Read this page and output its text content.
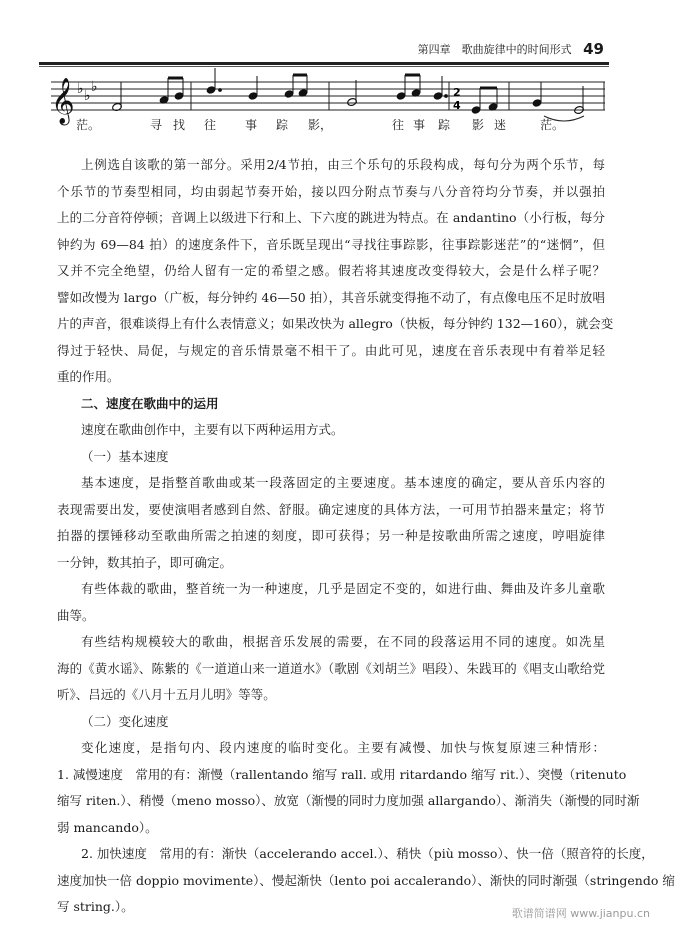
第四章　歌曲旋律中的时间形式 49
𝄞 ♭ ♭
♭	2
4
茫。	寻 找 往 事 踪 影，	往 事 踪 影 迷	茫。
上例选自该歌的第一部分。采用2/4节拍，由三个乐句的乐段构成，每句分为两个乐节，每
个乐节的节奏型相同，均由弱起节奏开始，接以四分附点节奏与八分音符均分节奏，并以强拍
上的二分音符停顿；音调上以级进下行和上、下六度的跳进为特点。在 andantino（小行板，每分
钟约为 69—84 拍）的速度条件下，音乐既呈现出“寻找往事踪影，往事踪影迷茫”的“迷惘”，但
又并不完全绝望，仍给人留有一定的希望之感。假若将其速度改变得较大，会是什么样子呢？
譬如改慢为 largo（广板，每分钟约 46—50 拍），其音乐就变得拖不动了，有点像电压不足时放唱
片的声音，很难谈得上有什么表情意义；如果改快为 allegro（快板，每分钟约 132—160），就会变
得过于轻快、局促，与规定的音乐情景毫不相干了。由此可见，速度在音乐表现中有着举足轻
重的作用。
二、速度在歌曲中的运用
速度在歌曲创作中，主要有以下两种运用方式。
（一）基本速度
基本速度，是指整首歌曲或某一段落固定的主要速度。基本速度的确定，要从音乐内容的
表现需要出发，要使演唱者感到自然、舒服。确定速度的具体方法，一可用节拍器来量定；将节
拍器的摆锤移动至歌曲所需之拍速的刻度，即可获得；另一种是按歌曲所需之速度，哼唱旋律
一分钟，数其拍子，即可确定。
有些体裁的歌曲，整首统一为一种速度，几乎是固定不变的，如进行曲、舞曲及许多儿童歌
曲等。
有些结构规模较大的歌曲，根据音乐发展的需要，在不同的段落运用不同的速度。如冼星
海的《黄水谣》、陈紫的《一道道山来一道道水》（歌剧《刘胡兰》唱段）、朱践耳的《唱支山歌给党
听》、吕远的《八月十五月儿明》等等。
（二）变化速度
变化速度，是指句内、段内速度的临时变化。主要有减慢、加快与恢复原速三种情形：
1. 减慢速度　常用的有：渐慢（rallentando 缩写 rall. 或用 ritardando 缩写 rit.）、突慢（ritenuto
缩写 riten.）、稍慢（meno mosso）、放宽（渐慢的同时力度加强 allargando）、渐消失（渐慢的同时渐
弱 mancando）。
2. 加快速度　常用的有：渐快（accelerando accel.）、稍快（più mosso）、快一倍（照音符的长度，
速度加快一倍 doppio movimente）、慢起渐快（lento poi accalerando）、渐快的同时渐强（stringendo 缩
写 string.）。	歌谱简谱网 www.jianpu.cn
